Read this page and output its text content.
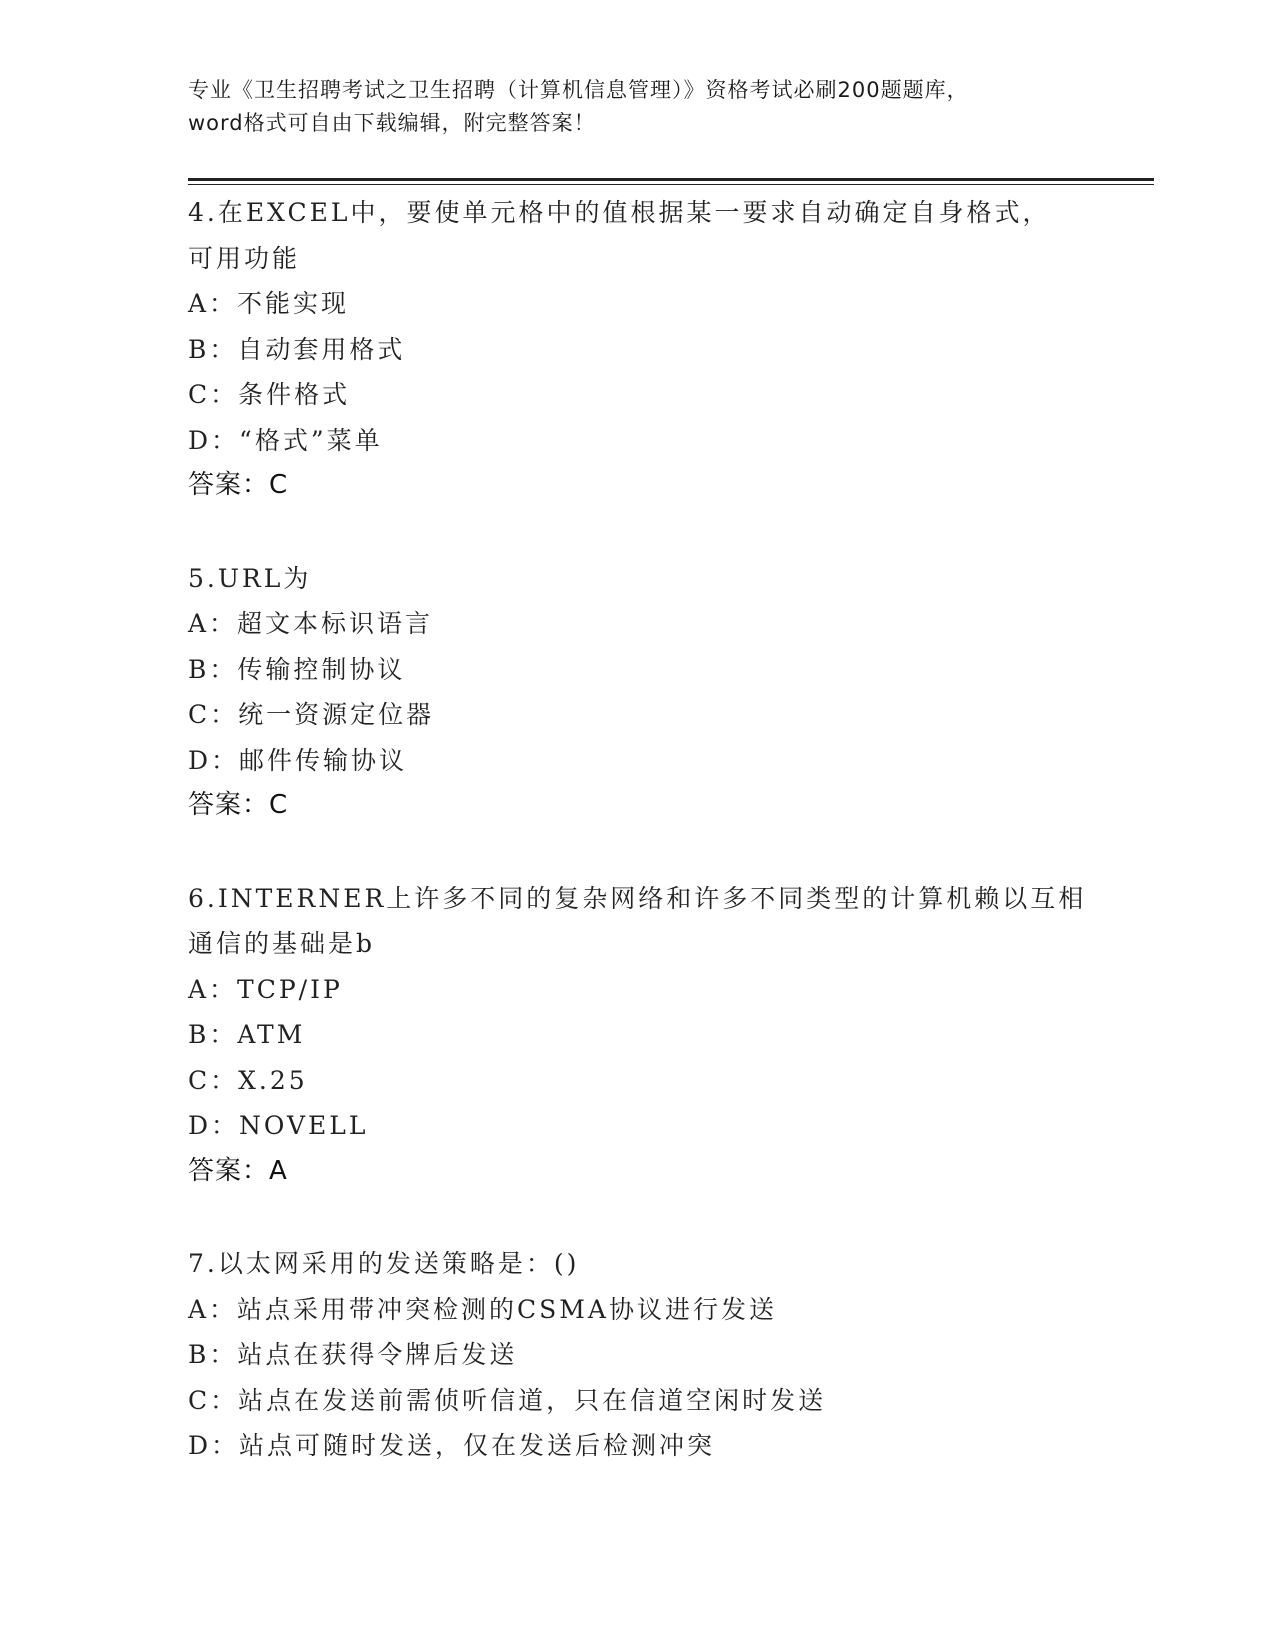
专业《卫生招聘考试之卫生招聘（计算机信息管理）》资格考试必刷200题题库，
word格式可自由下载编辑，附完整答案！
4.在EXCEL中，要使单元格中的值根据某一要求自动确定自身格式，
可用功能
A：不能实现
B：自动套用格式
C：条件格式
D：“格式”菜单
答案：C
5.URL为
A：超文本标识语言
B：传输控制协议
C：统一资源定位器
D：邮件传输协议
答案：C
6.INTERNER上许多不同的复杂网络和许多不同类型的计算机赖以互相
通信的基础是b
A：TCP/IP
B：ATM
C：X.25
D：NOVELL
答案：A
7.以太网采用的发送策略是：()
A：站点采用带冲突检测的CSMA协议进行发送
B：站点在获得令牌后发送
C：站点在发送前需侦听信道，只在信道空闲时发送
D：站点可随时发送，仅在发送后检测冲突
